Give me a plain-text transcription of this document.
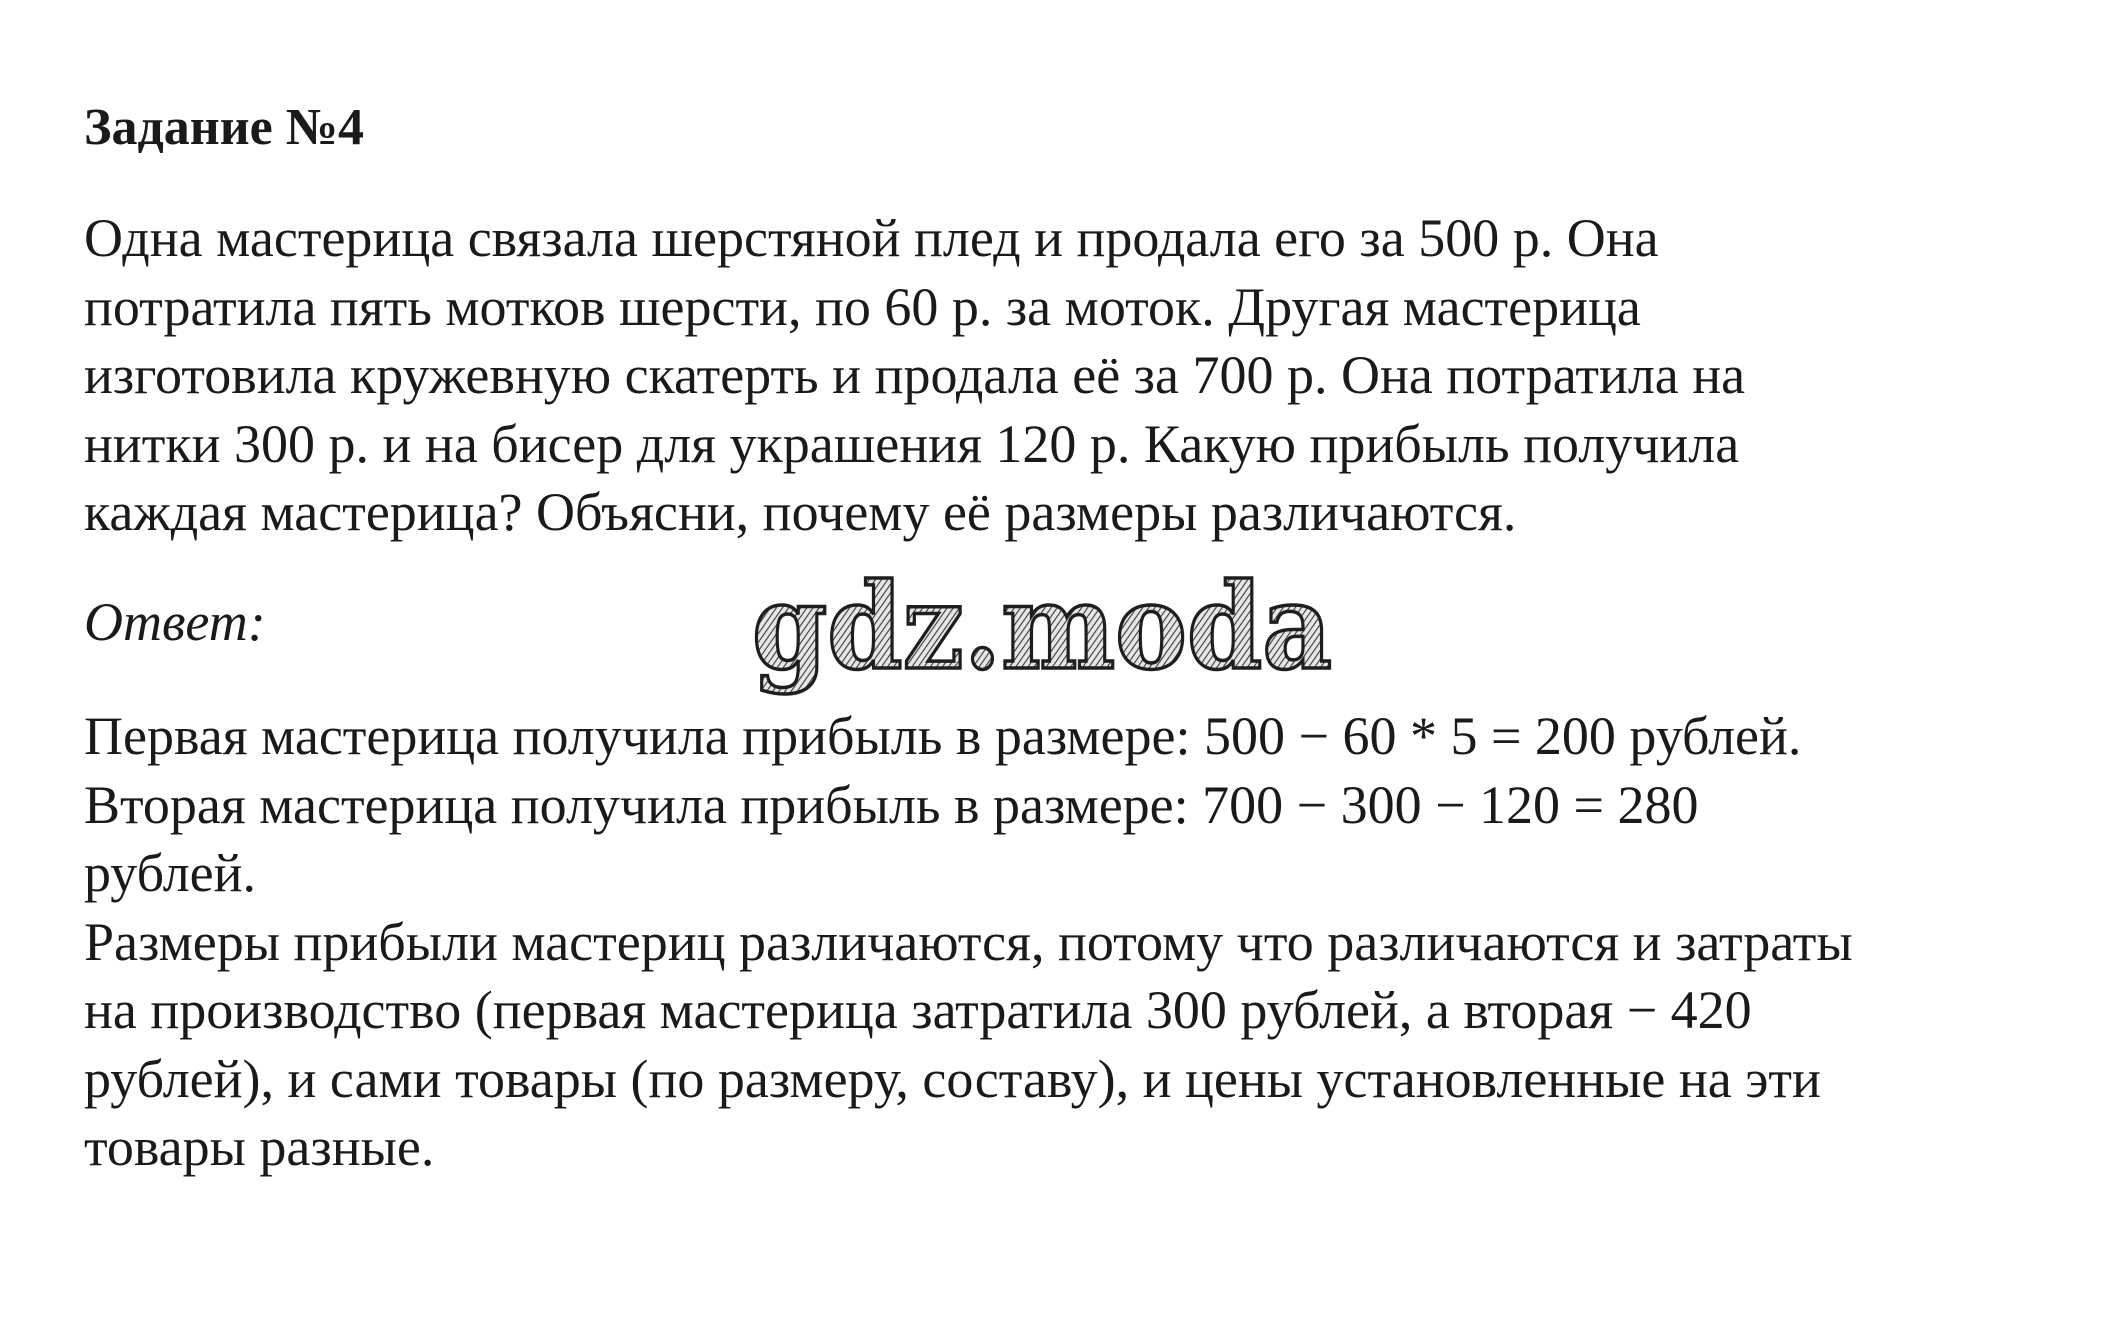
Задание №4
Одна мастерица связала шерстяной плед и продала его за 500 р. Она
потратила пять мотков шерсти, по 60 р. за моток. Другая мастерица
изготовила кружевную скатерть и продала её за 700 р. Она потратила на
нитки 300 р. и на бисер для украшения 120 р. Какую прибыль получила
каждая мастерица? Объясни, почему её размеры различаются.
Ответ:	gdz.moda
Первая мастерица получила прибыль в размере: 500 − 60 * 5 = 200 рублей.
Вторая мастерица получила прибыль в размере: 700 − 300 − 120 = 280
рублей.
Размеры прибыли мастериц различаются, потому что различаются и затраты
на производство (первая мастерица затратила 300 рублей, а вторая − 420
рублей), и сами товары (по размеру, составу), и цены установленные на эти
товары разные.
